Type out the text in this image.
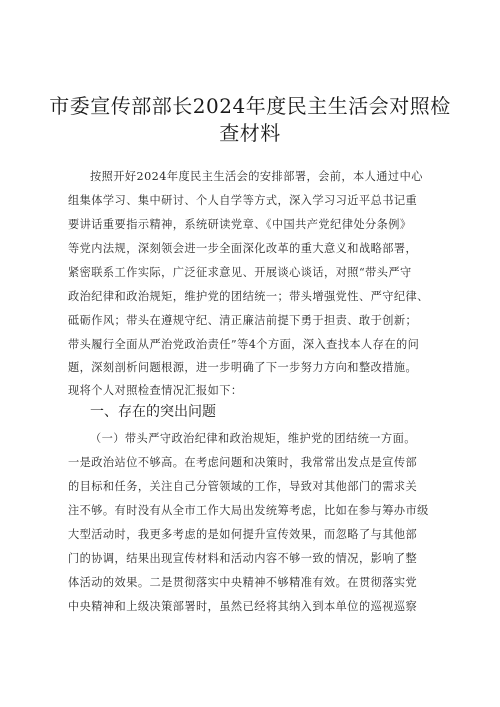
市委宣传部部长2024年度民主生活会对照检
查材料
按照开好2024年度民主生活会的安排部署，会前，本人通过中心
组集体学习、集中研讨、个人自学等方式，深入学习习近平总书记重
要讲话重要指示精神，系统研读党章、《中国共产党纪律处分条例》
等党内法规，深刻领会进一步全面深化改革的重大意义和战略部署，
紧密联系工作实际，广泛征求意见、开展谈心谈话，对照“带头严守
政治纪律和政治规矩，维护党的团结统一；带头增强党性、严守纪律、
砥砺作风；带头在遵规守纪、清正廉洁前提下勇于担责、敢于创新；
带头履行全面从严治党政治责任”等4个方面，深入查找本人存在的问
题，深刻剖析问题根源，进一步明确了下一步努力方向和整改措施。
现将个人对照检查情况汇报如下：
一、存在的突出问题
（一）带头严守政治纪律和政治规矩，维护党的团结统一方面。
一是政治站位不够高。在考虑问题和决策时，我常常出发点是宣传部
的目标和任务，关注自己分管领域的工作，导致对其他部门的需求关
注不够。有时没有从全市工作大局出发统筹考虑，比如在参与筹办市级
大型活动时，我更多考虑的是如何提升宣传效果，而忽略了与其他部
门的协调，结果出现宣传材料和活动内容不够一致的情况，影响了整
体活动的效果。二是贯彻落实中央精神不够精准有效。在贯彻落实党
中央精神和上级决策部署时，虽然已经将其纳入到本单位的巡视巡察
